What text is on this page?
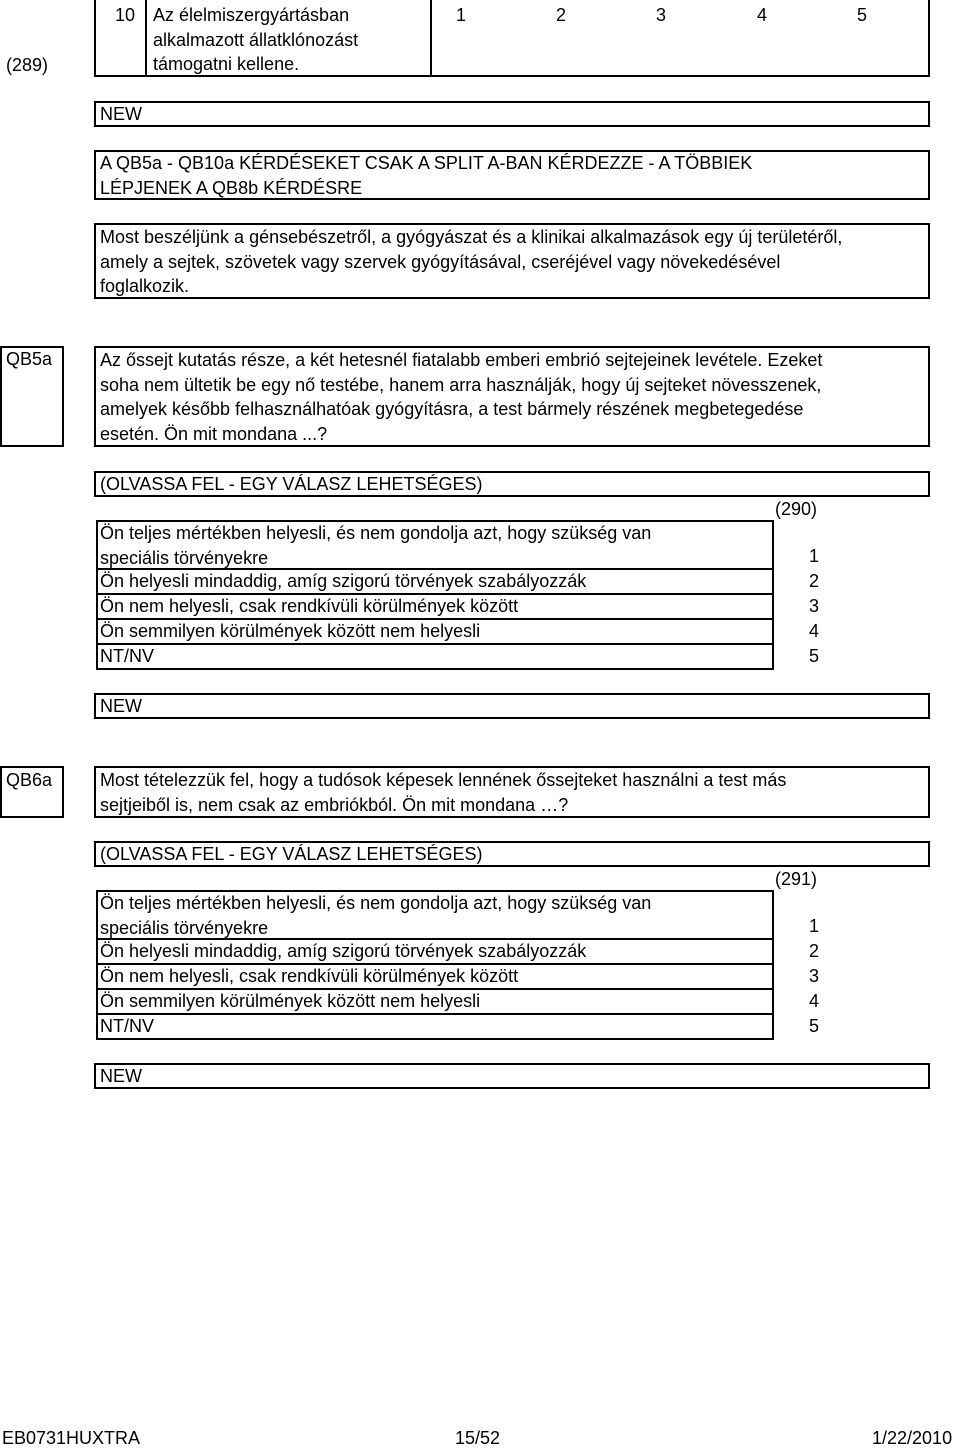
(289)
10 Az élelmiszergyártásban
alkalmazott állatklónozást
támogatni kellene.
1	2	3	4	5
NEW
A QB5a - QB10a KÉRDÉSEKET CSAK A SPLIT A-BAN KÉRDEZZE - A TÖBBIEK
LÉPJENEK A QB8b KÉRDÉSRE
Most beszéljünk a génsebészetről, a gyógyászat és a klinikai alkalmazások egy új területéről,
amely a sejtek, szövetek vagy szervek gyógyításával, cseréjével vagy növekedésével
foglalkozik.
QB5a	Az őssejt kutatás része, a két hetesnél fiatalabb emberi embrió sejtejeinek levétele. Ezeket
soha nem ültetik be egy nő testébe, hanem arra használják, hogy új sejteket növesszenek,
amelyek később felhasználhatóak gyógyításra, a test bármely részének megbetegedése
esetén. Ön mit mondana ...?
(OLVASSA FEL - EGY VÁLASZ LEHETSÉGES)
(290)
Ön teljes mértékben helyesli, és nem gondolja azt, hogy szükség van
speciális törvényekre	1
Ön helyesli mindaddig, amíg szigorú törvények szabályozzák	2
Ön nem helyesli, csak rendkívüli körülmények között	3
Ön semmilyen körülmények között nem helyesli	4
NT/NV	5
NEW
QB6a	Most tételezzük fel, hogy a tudósok képesek lennének őssejteket használni a test más
sejtjeiből is, nem csak az embriókból. Ön mit mondana …?
(OLVASSA FEL - EGY VÁLASZ LEHETSÉGES)
(291)
Ön teljes mértékben helyesli, és nem gondolja azt, hogy szükség van
speciális törvényekre	1
Ön helyesli mindaddig, amíg szigorú törvények szabályozzák	2
Ön nem helyesli, csak rendkívüli körülmények között	3
Ön semmilyen körülmények között nem helyesli	4
NT/NV	5
NEW
EB0731HUXTRA	15/52	1/22/2010
